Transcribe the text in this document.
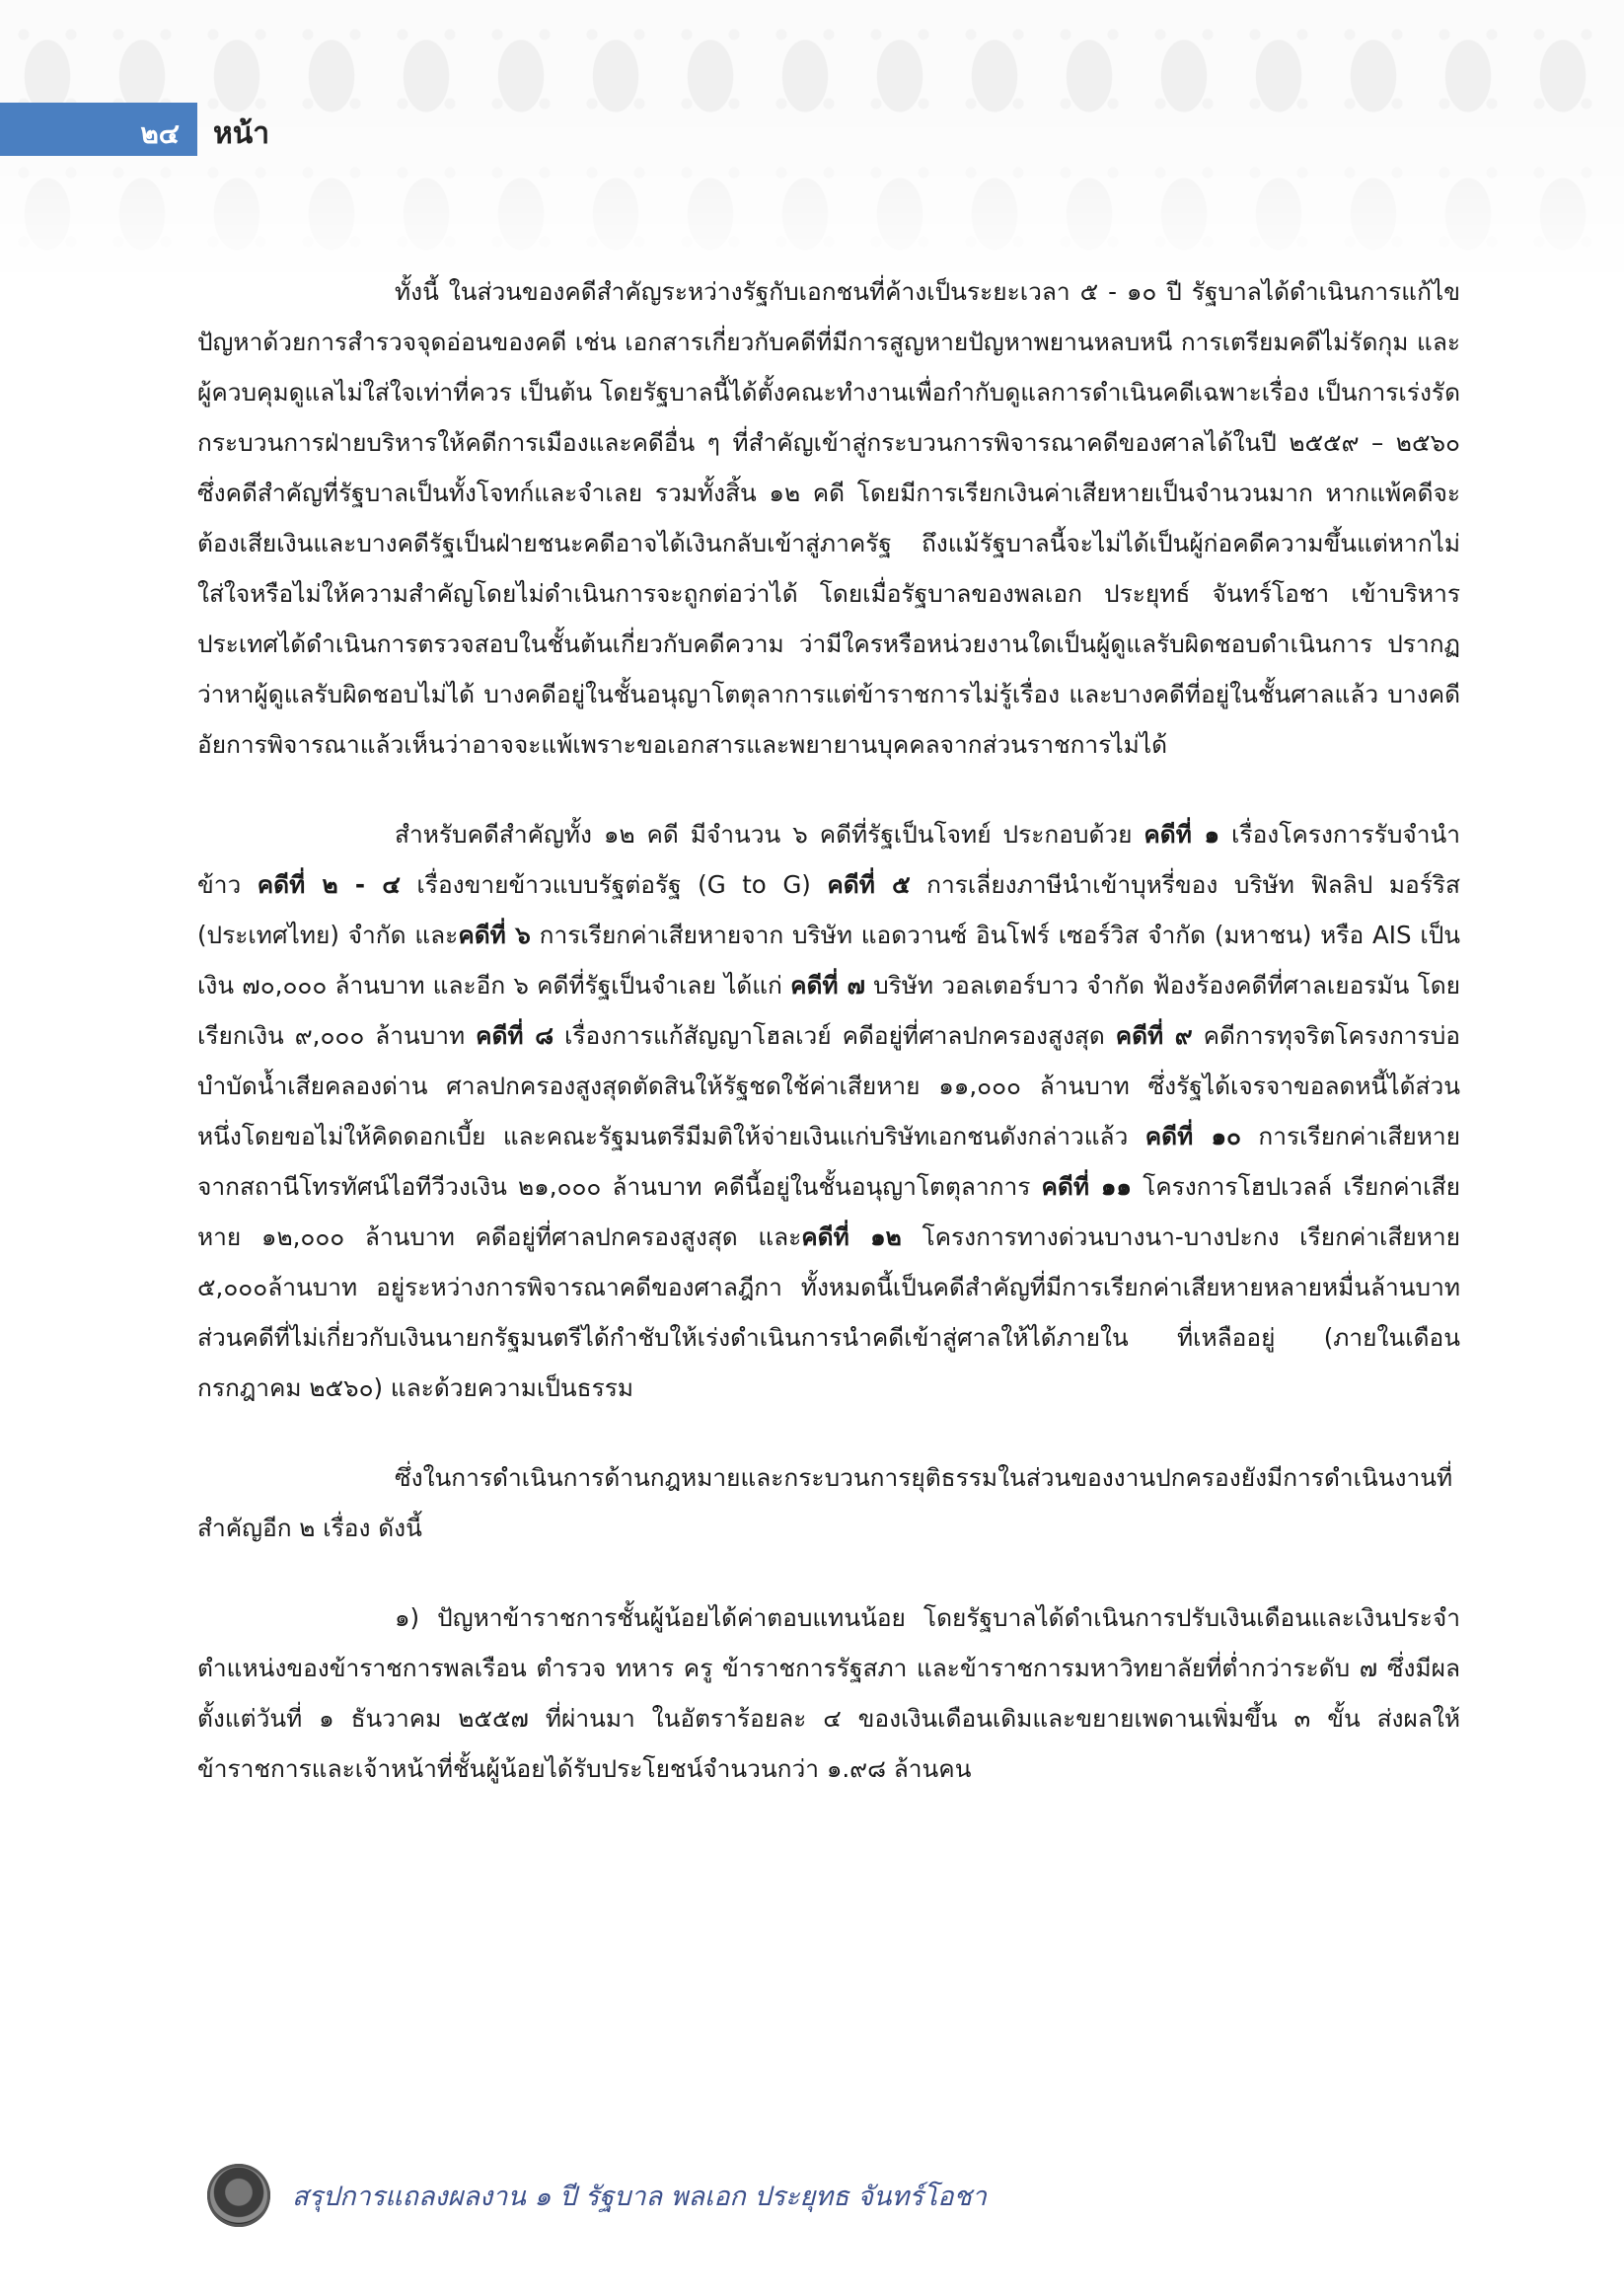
๒๔ หน้า

ทั้งนี้ ในส่วนของคดีสำคัญระหว่างรัฐกับเอกชนที่ค้างเป็นระยะเวลา ๕ - ๑๐ ปี รัฐบาลได้ดำเนินการแก้ไขปัญหาด้วยการสำรวจจุดอ่อนของคดี เช่น เอกสารเกี่ยวกับคดีที่มีการสูญหายปัญหาพยานหลบหนี การเตรียมคดีไม่รัดกุม และผู้ควบคุมดูแลไม่ใส่ใจเท่าที่ควร เป็นต้น โดยรัฐบาลนี้ได้ตั้งคณะทำงานเพื่อกำกับดูแลการดำเนินคดีเฉพาะเรื่อง เป็นการเร่งรัดกระบวนการฝ่ายบริหารให้คดีการเมืองและคดีอื่น ๆ ที่สำคัญเข้าสู่กระบวนการพิจารณาคดีของศาลได้ในปี ๒๕๕๙ – ๒๕๖๐ ซึ่งคดีสำคัญที่รัฐบาลเป็นทั้งโจทก์และจำเลย รวมทั้งสิ้น ๑๒ คดี โดยมีการเรียกเงินค่าเสียหายเป็นจำนวนมาก หากแพ้คดีจะต้องเสียเงินและบางคดีรัฐเป็นฝ่ายชนะคดีอาจได้เงินกลับเข้าสู่ภาครัฐ ถึงแม้รัฐบาลนี้จะไม่ได้เป็นผู้ก่อคดีความขึ้นแต่หากไม่ใส่ใจหรือไม่ให้ความสำคัญโดยไม่ดำเนินการจะถูกต่อว่าได้ โดยเมื่อรัฐบาลของพลเอก ประยุทธ์ จันทร์โอชา เข้าบริหารประเทศได้ดำเนินการตรวจสอบในชั้นต้นเกี่ยวกับคดีความ ว่ามีใครหรือหน่วยงานใดเป็นผู้ดูแลรับผิดชอบดำเนินการ ปรากฏว่าหาผู้ดูแลรับผิดชอบไม่ได้ บางคดีอยู่ในชั้นอนุญาโตตุลาการแต่ข้าราชการไม่รู้เรื่อง และบางคดีที่อยู่ในชั้นศาลแล้ว บางคดีอัยการพิจารณาแล้วเห็นว่าอาจจะแพ้เพราะขอเอกสารและพยายานบุคคลจากส่วนราชการไม่ได้

สำหรับคดีสำคัญทั้ง ๑๒ คดี มีจำนวน ๖ คดีที่รัฐเป็นโจทย์ ประกอบด้วย คดีที่ ๑ เรื่องโครงการรับจำนำข้าว คดีที่ ๒ - ๔ เรื่องขายข้าวแบบรัฐต่อรัฐ (G to G) คดีที่ ๕ การเลี่ยงภาษีนำเข้าบุหรี่ของ บริษัท ฟิลลิป มอร์ริส (ประเทศไทย) จำกัด และคดีที่ ๖ การเรียกค่าเสียหายจาก บริษัท แอดวานซ์ อินโฟร์ เซอร์วิส จำกัด (มหาชน) หรือ AIS เป็นเงิน ๗๐,๐๐๐ ล้านบาท และอีก ๖ คดีที่รัฐเป็นจำเลย ได้แก่ คดีที่ ๗ บริษัท วอลเตอร์บาว จำกัด ฟ้องร้องคดีที่ศาลเยอรมัน โดยเรียกเงิน ๙,๐๐๐ ล้านบาท คดีที่ ๘ เรื่องการแก้สัญญาโฮลเวย์ คดีอยู่ที่ศาลปกครองสูงสุด คดีที่ ๙ คดีการทุจริตโครงการบ่อบำบัดน้ำเสียคลองด่าน ศาลปกครองสูงสุดตัดสินให้รัฐชดใช้ค่าเสียหาย ๑๑,๐๐๐ ล้านบาท ซึ่งรัฐได้เจรจาขอลดหนี้ได้ส่วนหนึ่งโดยขอไม่ให้คิดดอกเบี้ย และคณะรัฐมนตรีมีมติให้จ่ายเงินแก่บริษัทเอกชนดังกล่าวแล้ว คดีที่ ๑๐ การเรียกค่าเสียหายจากสถานีโทรทัศน์ไอทีวีวงเงิน ๒๑,๐๐๐ ล้านบาท คดีนี้อยู่ในชั้นอนุญาโตตุลาการ คดีที่ ๑๑ โครงการโฮปเวลล์ เรียกค่าเสียหาย ๑๒,๐๐๐ ล้านบาท คดีอยู่ที่ศาลปกครองสูงสุด และคดีที่ ๑๒ โครงการทางด่วนบางนา-บางปะกง เรียกค่าเสียหาย ๕,๐๐๐ล้านบาท อยู่ระหว่างการพิจารณาคดีของศาลฎีกา ทั้งหมดนี้เป็นคดีสำคัญที่มีการเรียกค่าเสียหายหลายหมื่นล้านบาท ส่วนคดีที่ไม่เกี่ยวกับเงินนายกรัฐมนตรีได้กำชับให้เร่งดำเนินการนำคดีเข้าสู่ศาลให้ได้ภายใน ที่เหลืออยู่ (ภายในเดือนกรกฎาคม ๒๕๖๐) และด้วยความเป็นธรรม

ซึ่งในการดำเนินการด้านกฎหมายและกระบวนการยุติธรรมในส่วนของงานปกครองยังมีการดำเนินงานที่สำคัญอีก ๒ เรื่อง ดังนี้

๑) ปัญหาข้าราชการชั้นผู้น้อยได้ค่าตอบแทนน้อย โดยรัฐบาลได้ดำเนินการปรับเงินเดือนและเงินประจำตำแหน่งของข้าราชการพลเรือน ตำรวจ ทหาร ครู ข้าราชการรัฐสภา และข้าราชการมหาวิทยาลัยที่ต่ำกว่าระดับ ๗ ซึ่งมีผลตั้งแต่วันที่ ๑ ธันวาคม ๒๕๕๗ ที่ผ่านมา ในอัตราร้อยละ ๔ ของเงินเดือนเดิมและขยายเพดานเพิ่มขึ้น ๓ ขั้น ส่งผลให้ข้าราชการและเจ้าหน้าที่ชั้นผู้น้อยได้รับประโยชน์จำนวนกว่า ๑.๙๘ ล้านคน

สรุปการแถลงผลงาน ๑ ปี รัฐบาล พลเอก ประยุทธ จันทร์โอชา
